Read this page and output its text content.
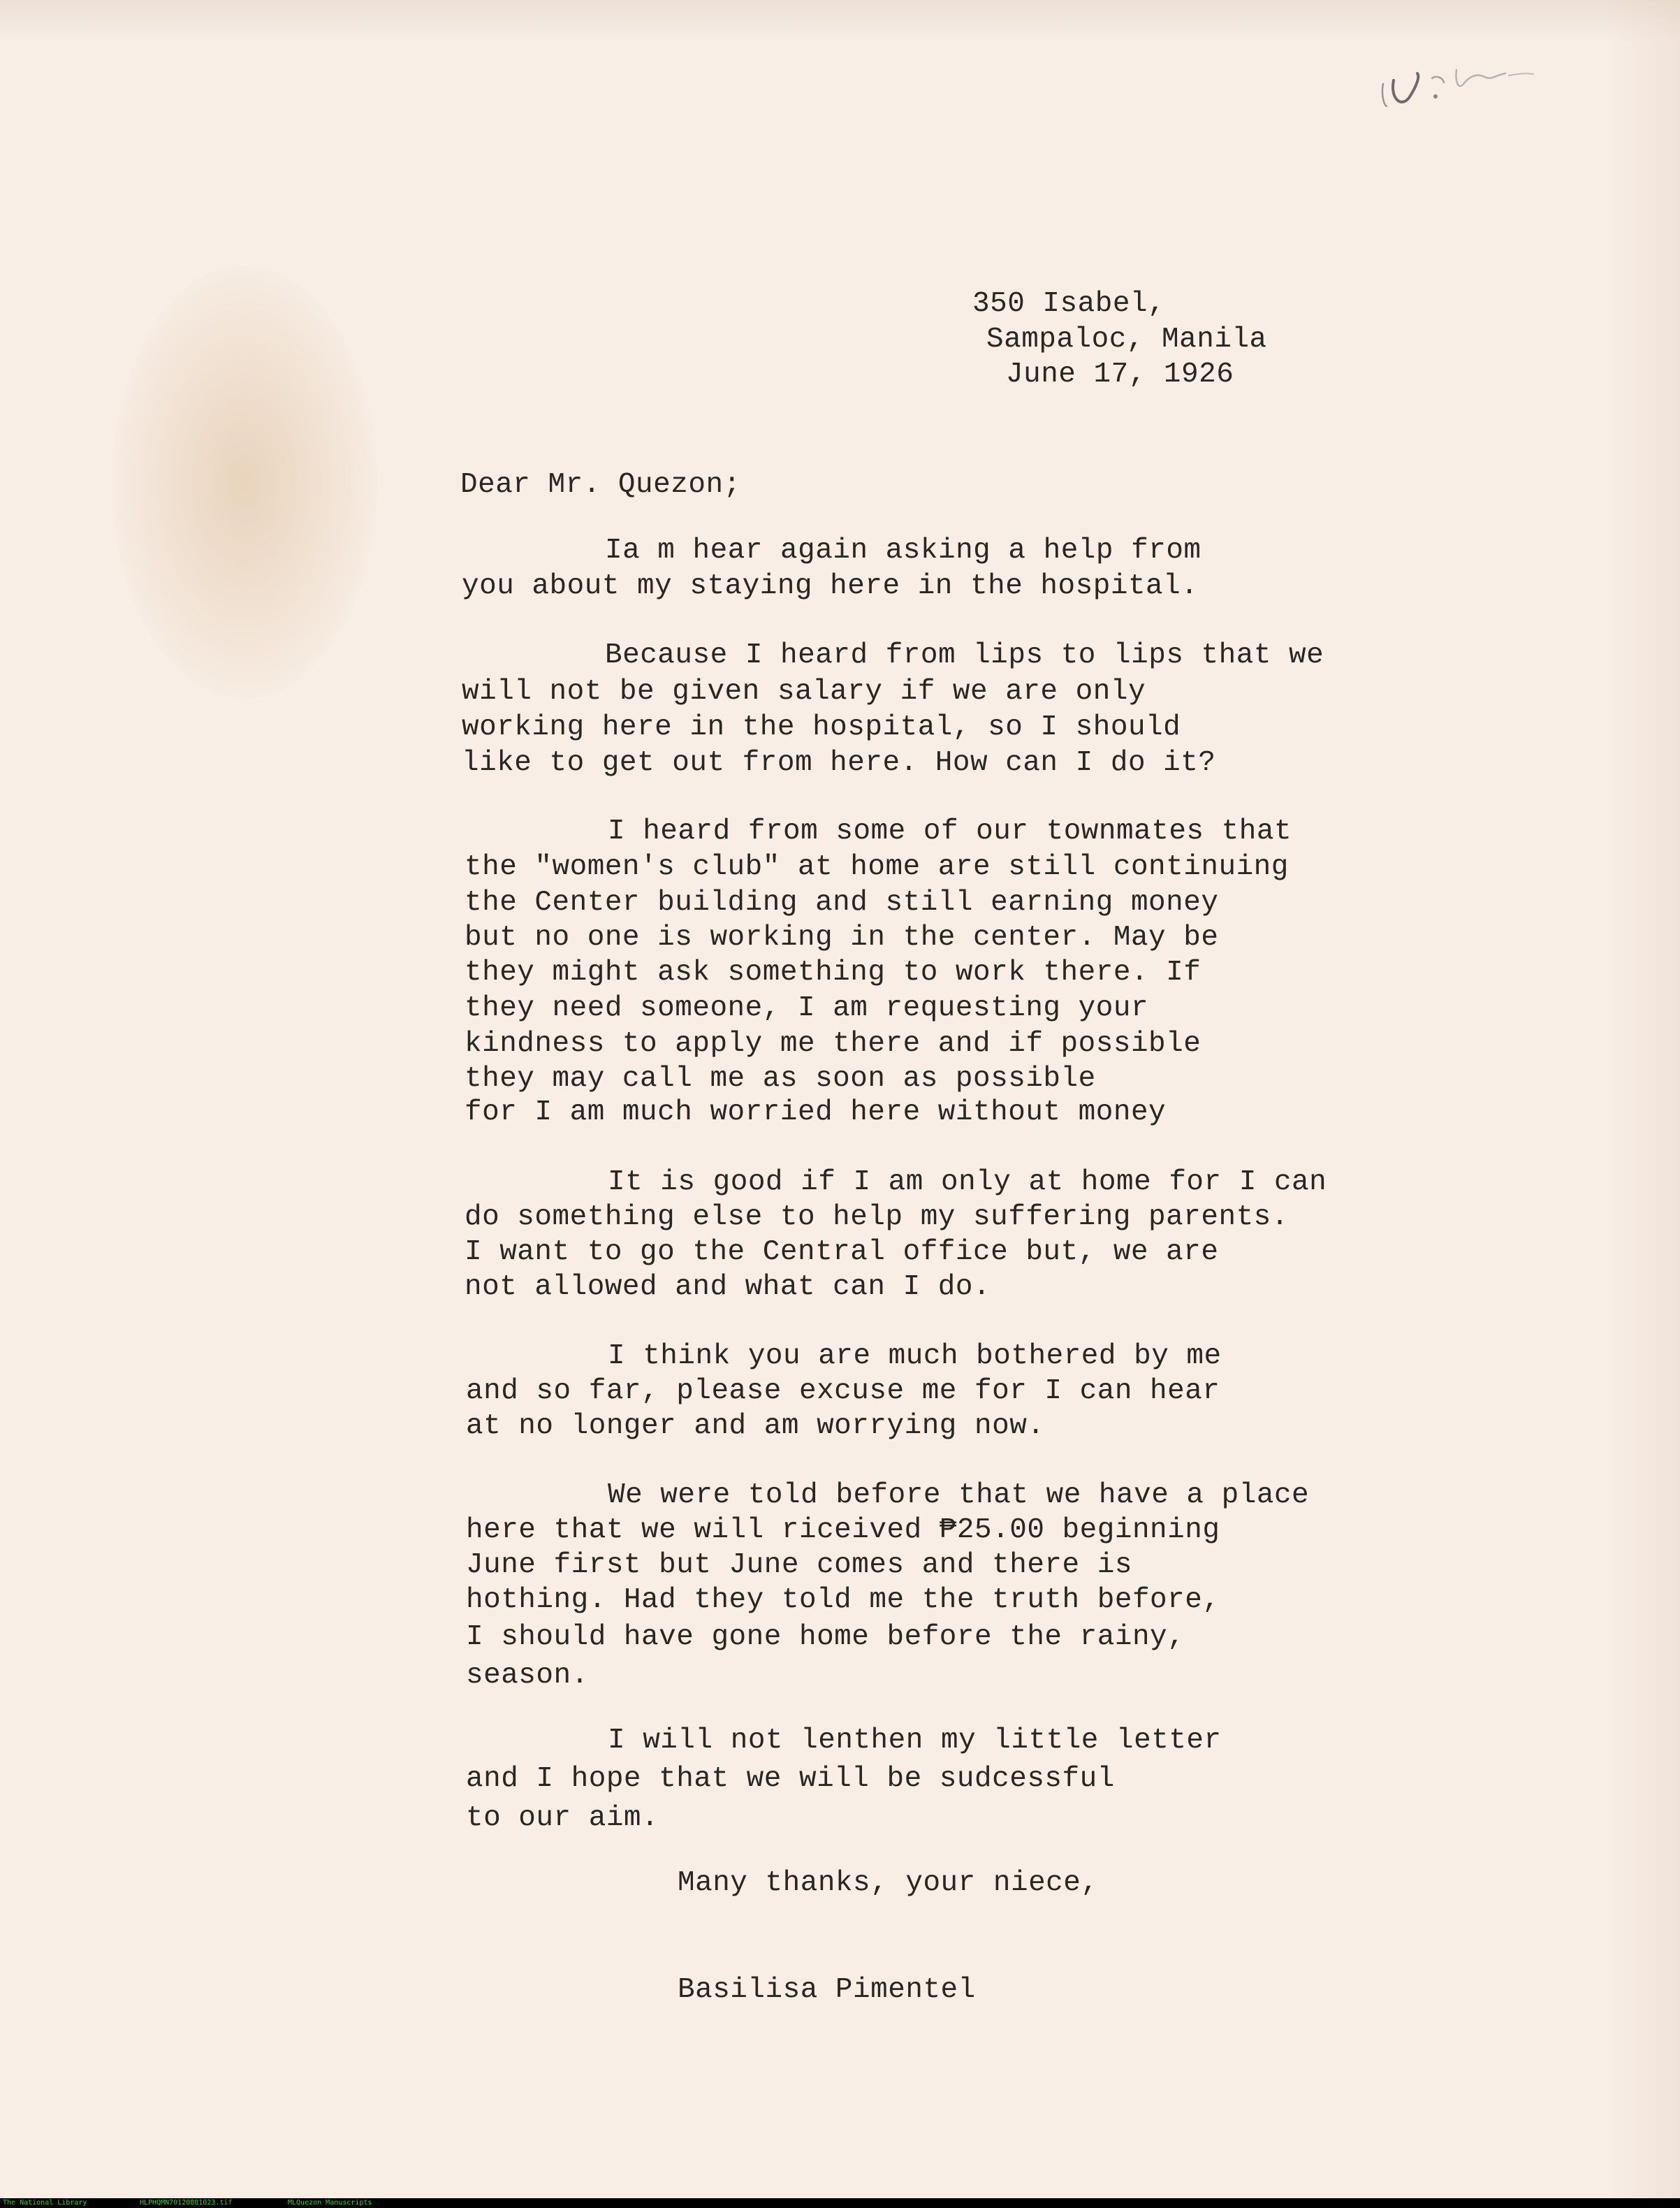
350 Isabel,
Sampaloc, Manila
June 17, 1926
Dear Mr. Quezon;
Ia m hear again asking a help from
you about my staying here in the hospital.
Because I heard from lips to lips that we
will not be given salary if we are only
working here in the hospital, so I should
like to get out from here. How can I do it?
I heard from some of our townmates that
the "women's club" at home are still continuing
the Center building and still earning money
but no one is working in the center. May be
they might ask something to work there. If
they need someone, I am requesting your
kindness to apply me there and if possible
they may call me as soon as possible
for I am much worried here without money
It is good if I am only at home for I can
do something else to help my suffering parents.
I want to go the Central office but, we are
not allowed and what can I do.
I think you are much bothered by me
and so far, please excuse me for I can hear
at no longer and am worrying now.
We were told before that we have a place
here that we will riceived ₱25.00 beginning
June first but June comes and there is
hothing. Had they told me the truth before,
I should have gone home before the rainy,
season.
I will not lenthen my little letter
and I hope that we will be sudcessful
to our aim.
Many thanks, your niece,
Basilisa Pimentel

The National Library

	HLPHQMN70120801023.tif

	MLQuezon Manuscripts
